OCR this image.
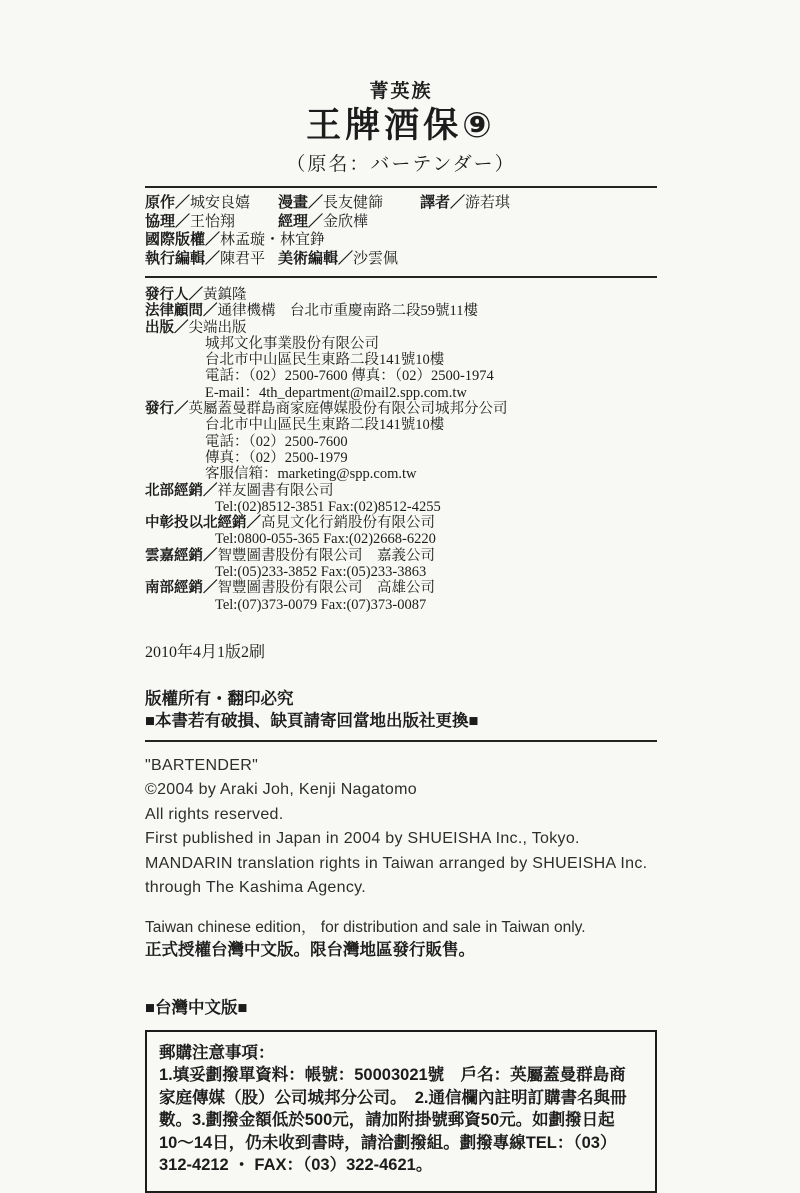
菁英族
王牌酒保⑨
（原名：バーテンダー）
原作／城安良嬉	漫畫／長友健篩	譯者／游若琪
協理／王怡翔	經理／金欣樺
國際版權／林孟璇・林宜錚
執行編輯／陳君平 美術編輯／沙雲佩
發行人／黃鎮隆
法律顧問／通律機構　台北市重慶南路二段59號11樓
出版／尖端出版
城邦文化事業股份有限公司
台北市中山區民生東路二段141號10樓
電話：（02）2500-7600 傳真：（02）2500-1974
E-mail：4th_department@mail2.spp.com.tw
發行／英屬蓋曼群島商家庭傳媒股份有限公司城邦分公司
台北市中山區民生東路二段141號10樓
電話：（02）2500-7600
傳真：（02）2500-1979
客服信箱：marketing@spp.com.tw
北部經銷／祥友圖書有限公司
Tel:(02)8512-3851 Fax:(02)8512-4255
中彰投以北經銷／高見文化行銷股份有限公司
Tel:0800-055-365 Fax:(02)2668-6220
雲嘉經銷／智豐圖書股份有限公司　嘉義公司
Tel:(05)233-3852 Fax:(05)233-3863
南部經銷／智豐圖書股份有限公司　高雄公司
Tel:(07)373-0079 Fax:(07)373-0087
2010年4月1版2刷
版權所有・翻印必究
■本書若有破損、缺頁請寄回當地出版社更換■
"BARTENDER"
©2004 by Araki Joh, Kenji Nagatomo
All rights reserved.
First published in Japan in 2004 by SHUEISHA Inc., Tokyo.
MANDARIN translation rights in Taiwan arranged by SHUEISHA Inc.
through The Kashima Agency.
Taiwan chinese edition， for distribution and sale in Taiwan only.
正式授權台灣中文版。限台灣地區發行販售。
■台灣中文版■
郵購注意事項：
1.填妥劃撥單資料：帳號：50003021號　戶名：英屬蓋曼群島商
家庭傳媒（股）公司城邦分公司。　2.通信欄內註明訂購書名與冊
數。3.劃撥金額低於500元，請加附掛號郵資50元。如劃撥日起
10～14日，仍未收到書時，請洽劃撥組。劃撥專線TEL：（03）
312-4212 ・ FAX：（03）322-4621。
